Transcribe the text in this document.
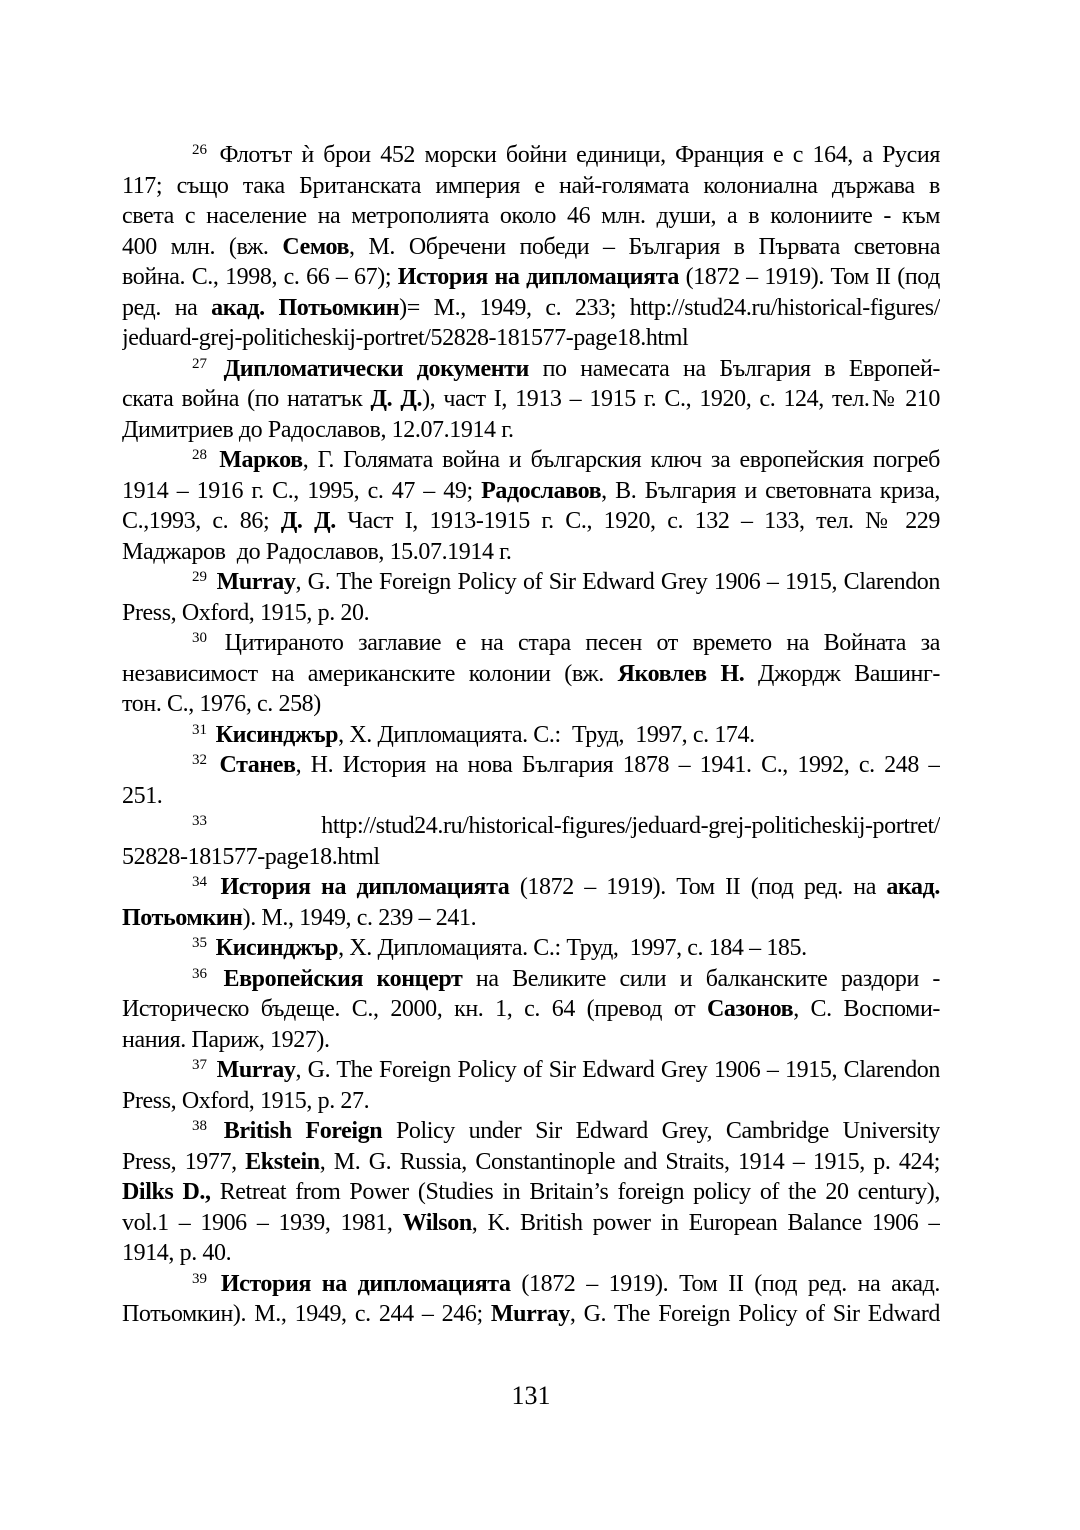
$^{26}$ Флотът ѝ брои 452 морски бойни единици, Франция е с 164, а Русия
117; също така Британската империя е най-голямата колониална държава в
света с население на метрополията около 46 млн. души, а в колониите - към
400 млн. (вж. Семов, М. Обречени победи – България в Първата световна
война. С., 1998, с. 66 – 67); История на дипломацията (1872 – 1919). Том II (под
ред. на акад. Потьомкин)= М., 1949, с. 233; http://stud24.ru/historical-figures/
jeduard-grej-politicheskij-portret/52828-181577-page18.html
$^{27}$ Дипломатически документи по намесата на България в Европей-
ската война (по нататък Д. Д.), част I, 1913 – 1915 г. С., 1920, с. 124, тел.№ 210
Димитриев до Радославов, 12.07.1914 г.
$^{28}$ Марков, Г. Голямата война и българския ключ за европейския погреб
1914 – 1916 г. С., 1995, с. 47 – 49; Радославов, В. България и световната криза,
С.,1993, с. 86; Д. Д. Част I, 1913-1915 г. С., 1920, с. 132 – 133, тел. № 229
Маджаров  до Радославов, 15.07.1914 г.
$^{29}$ Murray, G. The Foreign Policy of Sir Edward Grey 1906 – 1915, Clarendon
Press, Oxford, 1915, p. 20.
$^{30}$ Цитираното заглавие е на стара песен от времето на Войната за
независимост на американските колонии (вж. Яковлев Н. Джордж Вашинг-
тон. С., 1976, с. 258)
$^{31}$ Кисинджър, Х. Дипломацията. С.:  Труд,  1997, с. 174.
$^{32}$ Станев, Н. История на нова България 1878 – 1941. С., 1992, с. 248 –
251.
$^{33}$  http://stud24.ru/historical-figures/jeduard-grej-politicheskij-portret/
52828-181577-page18.html
$^{34}$ История на дипломацията (1872 – 1919). Том II (под ред. на акад.
Потьомкин). М., 1949, с. 239 – 241.
$^{35}$ Кисинджър, Х. Дипломацията. С.: Труд,  1997, с. 184 – 185.
$^{36}$ Европейския концерт на Великите сили и балканските раздори -
Историческо бъдеще. С., 2000, кн. 1, с. 64 (превод от Сазонов, С. Воспоми-
нания. Париж, 1927).
$^{37}$ Murray, G. The Foreign Policy of Sir Edward Grey 1906 – 1915, Clarendon
Press, Oxford, 1915, p. 27.
$^{38}$ British Foreign Policy under Sir Edward Grey, Cambridge University
Press, 1977, Ekstein, M. G. Russia, Constantinople and Straits, 1914 – 1915, p. 424;
Dilks D., Retreat from Power (Studies in Britain’s foreign policy of the 20 century),
vol.1 – 1906 – 1939, 1981, Wilson, K. British power in European Balance 1906 –
1914, p. 40.
$^{39}$ История на дипломацията (1872 – 1919). Том II (под ред. на акад.
Потьомкин). М., 1949, с. 244 – 246; Murray, G. The Foreign Policy of Sir Edward
131
